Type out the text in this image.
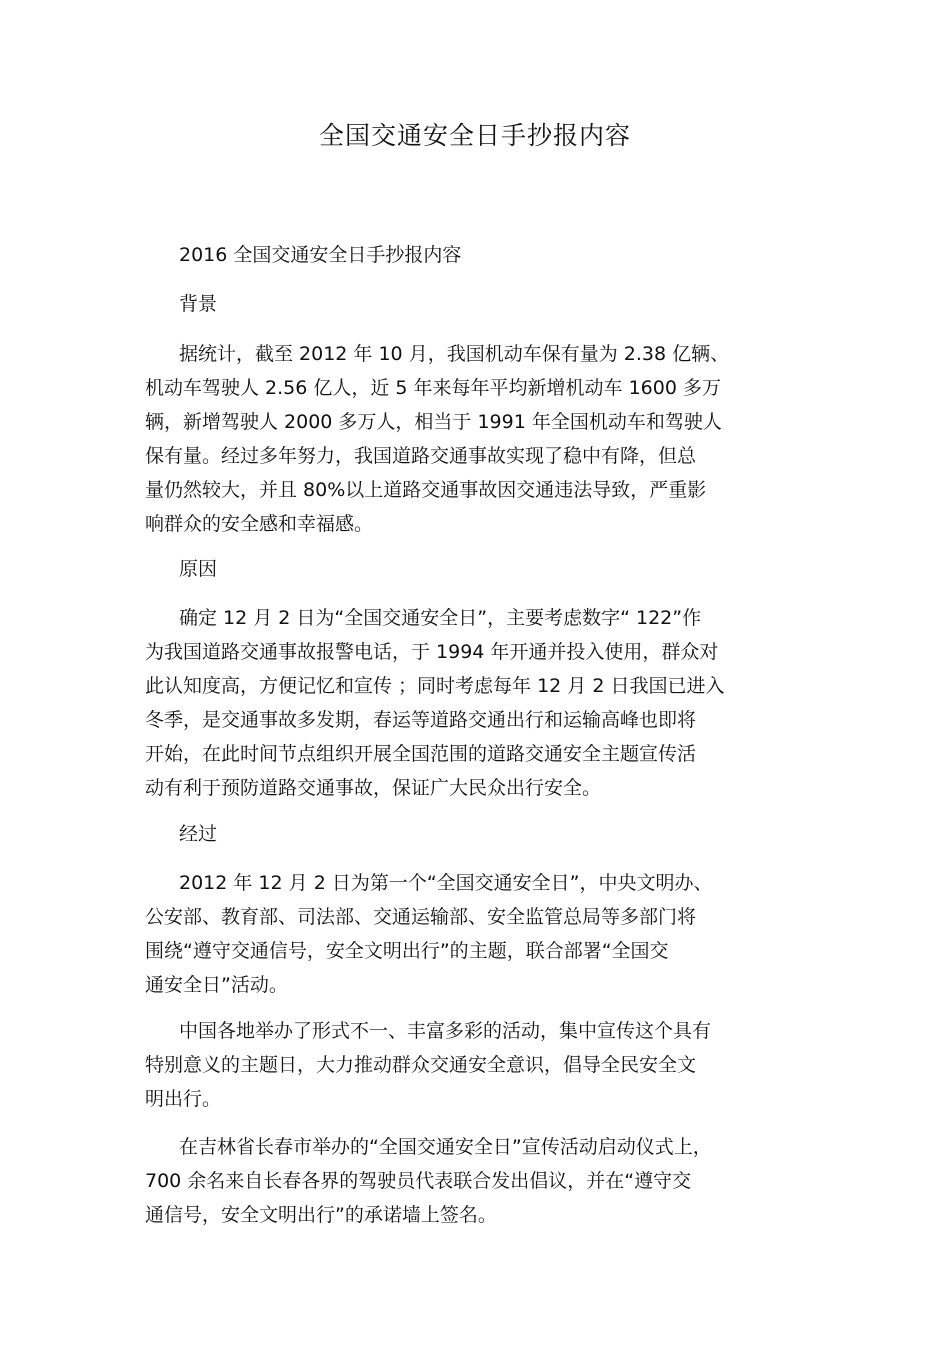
全国交通安全日手抄报内容
2016 全国交通安全日手抄报内容
背景
据统计，截至 2012 年 10 月，我国机动车保有量为 2.38 亿辆、
机动车驾驶人 2.56 亿人，近 5 年来每年平均新增机动车 1600 多万
辆，新增驾驶人 2000 多万人，相当于 1991 年全国机动车和驾驶人
保有量。经过多年努力，我国道路交通事故实现了稳中有降，但总
量仍然较大，并且 80%以上道路交通事故因交通违法导致，严重影
响群众的安全感和幸福感。
原因
确定 12 月 2 日为“全国交通安全日”，主要考虑数字“ 122”作
为我国道路交通事故报警电话，于 1994 年开通并投入使用，群众对
此认知度高，方便记忆和宣传 ；同时考虑每年 12 月 2 日我国已进入
冬季，是交通事故多发期，春运等道路交通出行和运输高峰也即将
开始，在此时间节点组织开展全国范围的道路交通安全主题宣传活
动有利于预防道路交通事故，保证广大民众出行安全。
经过
2012 年 12 月 2 日为第一个“全国交通安全日”，中央文明办、
公安部、教育部、司法部、交通运输部、安全监管总局等多部门将
围绕“遵守交通信号，安全文明出行”的主题，联合部署“全国交
通安全日”活动。
中国各地举办了形式不一、丰富多彩的活动，集中宣传这个具有
特别意义的主题日，大力推动群众交通安全意识，倡导全民安全文
明出行。
在吉林省长春市举办的“全国交通安全日”宣传活动启动仪式上，
700 余名来自长春各界的驾驶员代表联合发出倡议，并在“遵守交
通信号，安全文明出行”的承诺墙上签名。
